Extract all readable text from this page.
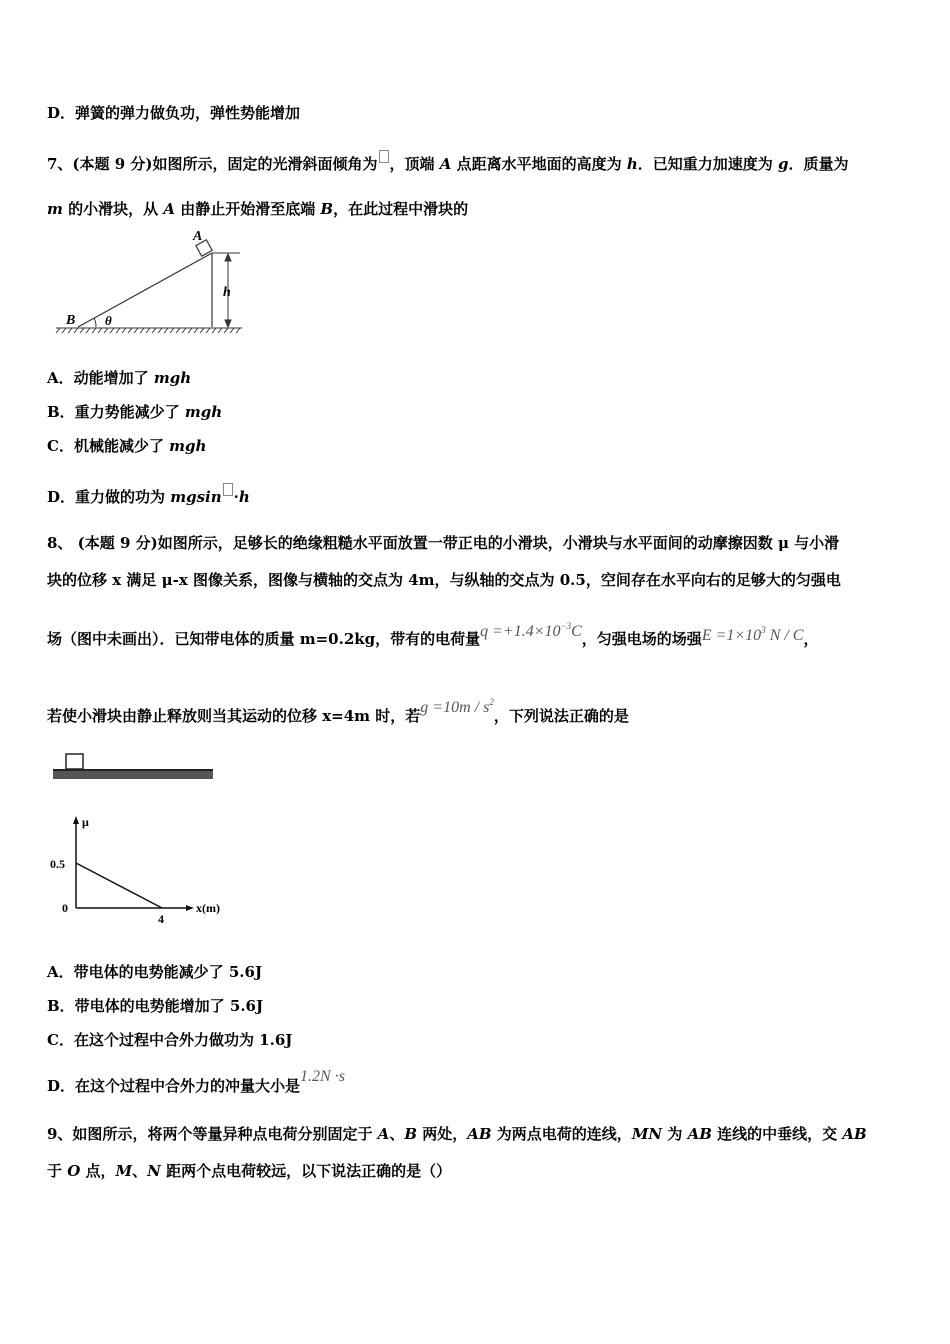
D．弹簧的弹力做负功，弹性势能增加
7、(本题 9 分)如图所示，固定的光滑斜面倾角为 ，顶端 A 点距离水平地面的高度为 h．已知重力加速度为 g．质量为
m 的小滑块，从 A 由静止开始滑至底端 B，在此过程中滑块的
A
B θ
h
A．动能增加了 mgh
B．重力势能减少了 mgh
C．机械能减少了 mgh
D．重力做的功为 mgsin ·h
8、 (本题 9 分)如图所示，足够长的绝缘粗糙水平面放置一带正电的小滑块，小滑块与水平面间的动摩擦因数 μ 与小滑
块的位移 x 满足 μ-x 图像关系，图像与横轴的交点为 4m，与纵轴的交点为 0.5，空间存在水平向右的足够大的匀强电
场（图中未画出）．已知带电体的质量 m=0.2kg，带有的电荷量$q =+1.4\times 10^{-3}C$，匀强电场的场强$E =1\times 10^3$ N / C，
若使小滑块由静止释放则当其运动的位移 x=4m 时，若$g =10m / s^2$，下列说法正确的是
μ
x(m)
0.5
0
4
A．带电体的电势能减少了 5.6J
B．带电体的电势能增加了 5.6J
C．在这个过程中合外力做功为 1.6J
D．在这个过程中合外力的冲量大小是1.2N ·s
9、如图所示，将两个等量异种点电荷分别固定于 A、B 两处，AB 为两点电荷的连线，MN 为 AB 连线的中垂线，交 AB
于 O 点，M、N 距两个点电荷较远，以下说法正确的是（）
